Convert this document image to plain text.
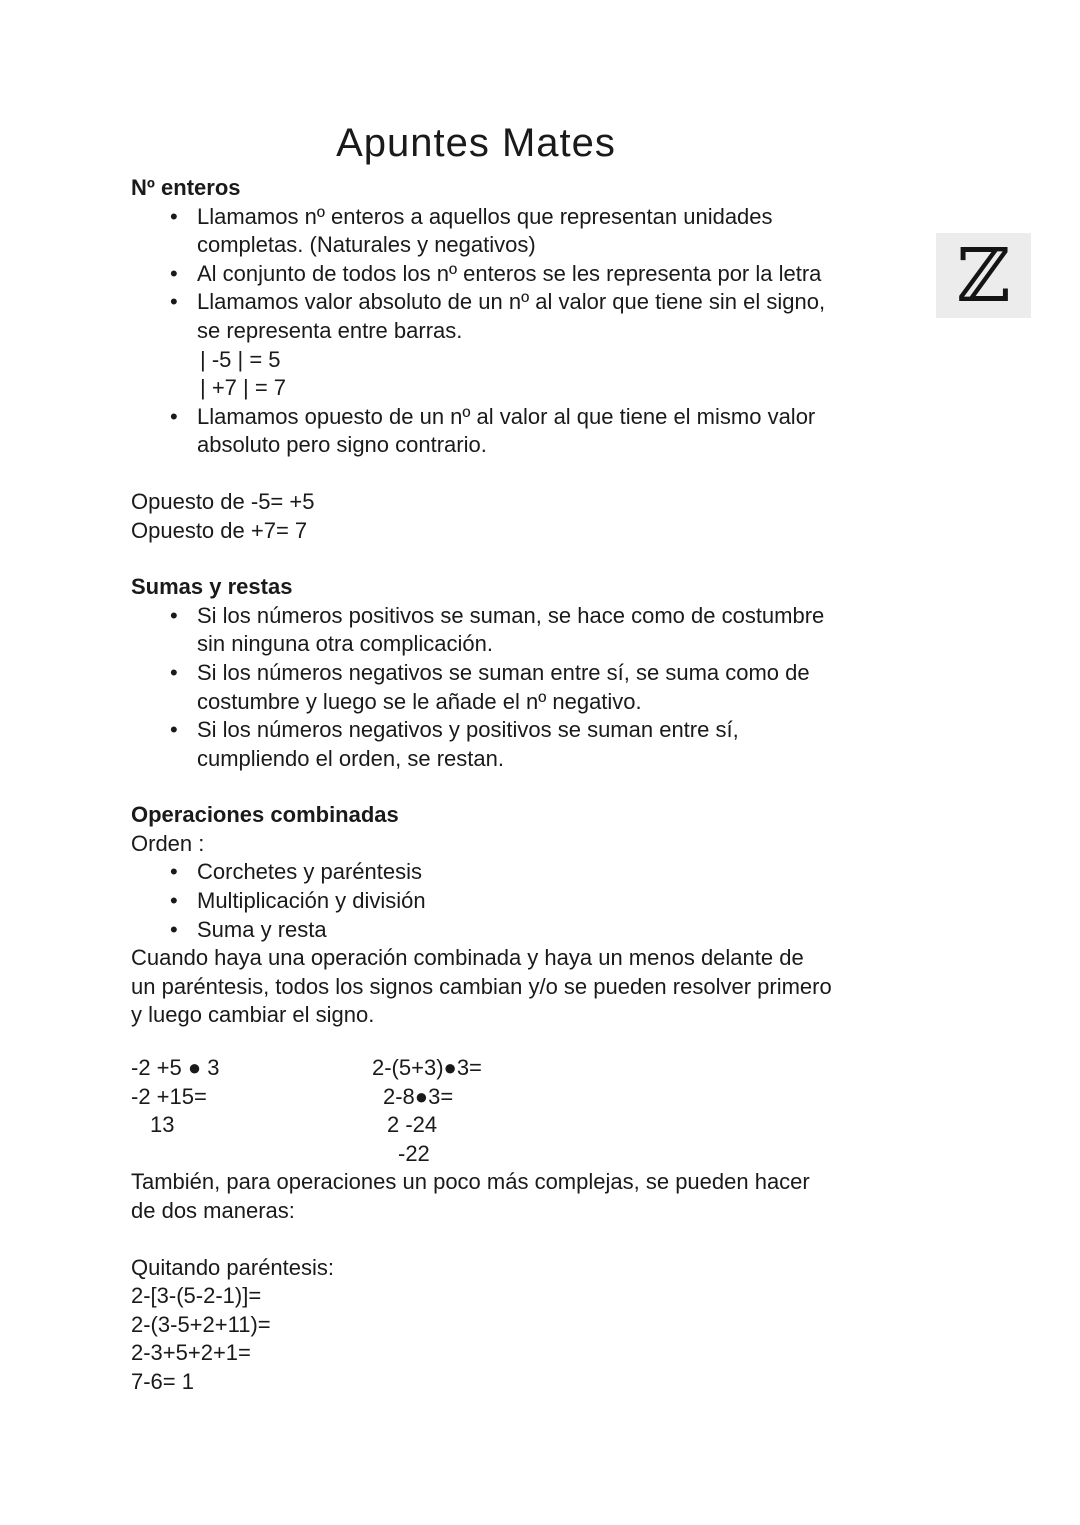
ℤ
Apuntes Mates
Nº enteros
•
Llamamos nº enteros a aquellos que representan unidades
completas. (Naturales y negativos)
•
Al conjunto de todos los nº enteros se les representa por la letra
•
Llamamos valor absoluto de un nº al valor que tiene sin el signo,
se representa entre barras.
| -5 | = 5
| +7 | = 7
•
Llamamos opuesto de un nº al valor al que tiene el mismo valor
absoluto pero signo contrario.
Opuesto de -5= +5
Opuesto de +7= 7
Sumas y restas
•
Si los números positivos se suman, se hace como de costumbre
sin ninguna otra complicación.
•
Si los números negativos se suman entre sí, se suma como de
costumbre y luego se le añade el nº negativo.
•
Si los números negativos y positivos se suman entre sí,
cumpliendo el orden, se restan.
Operaciones combinadas
Orden :
•
Corchetes y paréntesis
•
Multiplicación y división
•
Suma y resta
Cuando haya una operación combinada y haya un menos delante de
un paréntesis, todos los signos cambian y/o se pueden resolver primero
y luego cambiar el signo.
-2 +5 ● 3
-2 +15=
13
2-(5+3)●3=
2-8●3=
2 -24
-22
También, para operaciones un poco más complejas, se pueden hacer
de dos maneras:
Quitando paréntesis:
2-[3-(5-2-1)]=
2-(3-5+2+11)=
2-3+5+2+1=
7-6= 1
